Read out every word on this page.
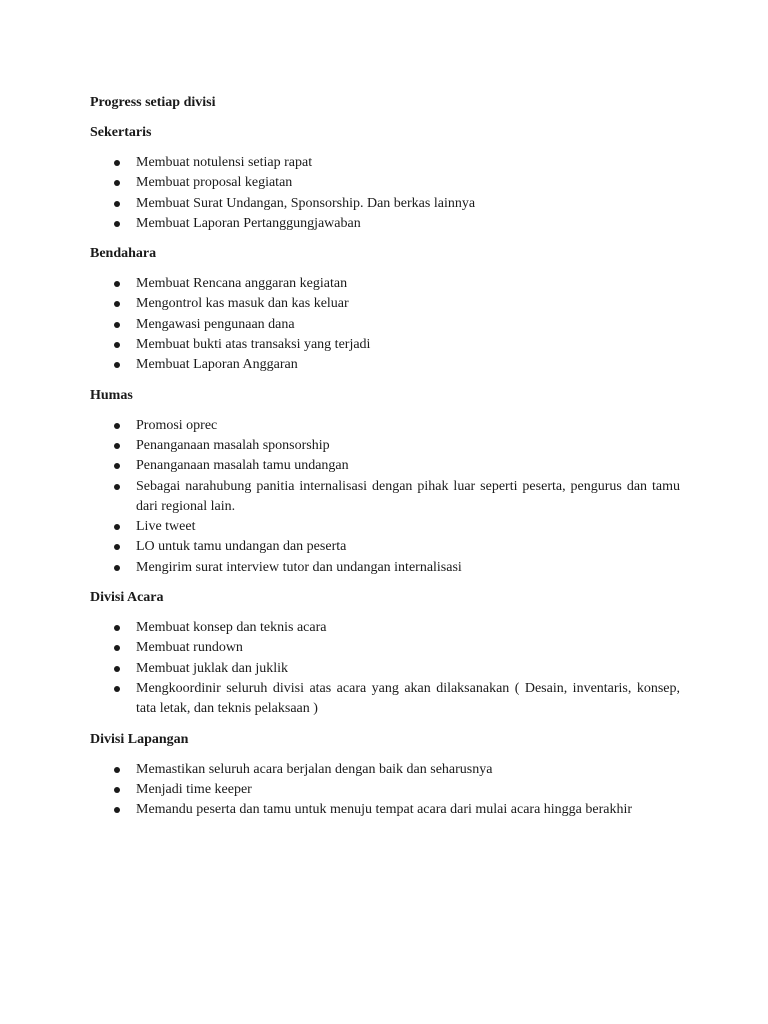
Progress setiap divisi
Sekertaris
Membuat notulensi setiap rapat
Membuat proposal kegiatan
Membuat Surat Undangan, Sponsorship. Dan berkas lainnya
Membuat Laporan Pertanggungjawaban
Bendahara
Membuat Rencana anggaran kegiatan
Mengontrol kas masuk dan kas keluar
Mengawasi pengunaan dana
Membuat bukti atas transaksi yang terjadi
Membuat Laporan Anggaran
Humas
Promosi oprec
Penanganaan masalah sponsorship
Penanganaan masalah tamu undangan
Sebagai narahubung panitia internalisasi dengan pihak luar seperti peserta, pengurus dan tamu dari regional lain.
Live tweet
LO untuk tamu undangan dan peserta
Mengirim surat interview tutor dan undangan internalisasi
Divisi Acara
Membuat konsep dan teknis acara
Membuat rundown
Membuat juklak dan juklik
Mengkoordinir seluruh divisi atas acara yang akan dilaksanakan ( Desain, inventaris, konsep, tata letak, dan teknis pelaksaan )
Divisi Lapangan
Memastikan seluruh acara berjalan dengan baik dan seharusnya
Menjadi time keeper
Memandu peserta dan tamu untuk menuju tempat acara dari mulai acara hingga berakhir
